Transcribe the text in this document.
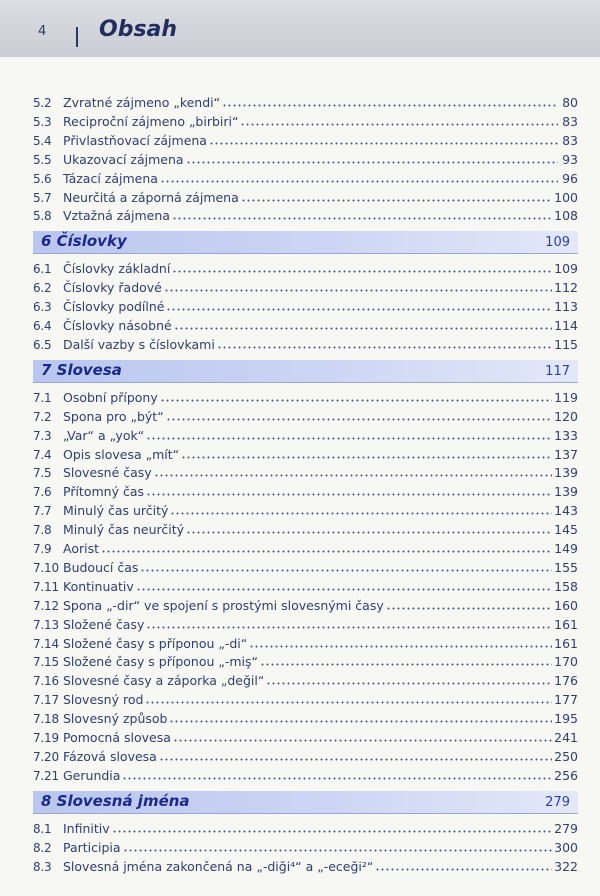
4 Obsah
5.2 Zvratné zájmeno „kendi“	80
5.3 Reciproční zájmeno „birbiri“	83
5.4 Přivlastňovací zájmena	83
5.5 Ukazovací zájmena	93
5.6 Tázací zájmena	96
5.7 Neurčitá a záporná zájmena	100
5.8 Vztažná zájmena	108
6 Číslovky	109
6.1 Číslovky základní	109
6.2 Číslovky řadové	112
6.3 Číslovky podílné	113
6.4 Číslovky násobné	114
6.5 Další vazby s číslovkami	115
7 Slovesa	117
7.1 Osobní přípony	119
7.2 Spona pro „být“	120
7.3 „Var“ a „yok“	133
7.4 Opis slovesa „mít“	137
7.5 Slovesné časy	139
7.6 Přítomný čas	139
7.7 Minulý čas určitý	143
7.8 Minulý čas neurčitý	145
7.9 Aorist	149
7.10 Budoucí čas	155
7.11 Kontinuativ	158
7.12 Spona „-dir“ ve spojení s prostými slovesnými časy	160
7.13 Složené časy	161
7.14 Složené časy s příponou „-di“	161
7.15 Složené časy s příponou „-miş“	170
7.16 Slovesné časy a záporka „değil“	176
7.17 Slovesný rod	177
7.18 Slovesný způsob	195
7.19 Pomocná slovesa	241
7.20 Fázová slovesa	250
7.21 Gerundia	256
8 Slovesná jména	279
8.1 Infinitiv	279
8.2 Participia	300
8.3 Slovesná jména zakončená na „-diği⁴“ a „-eceği²“	322
